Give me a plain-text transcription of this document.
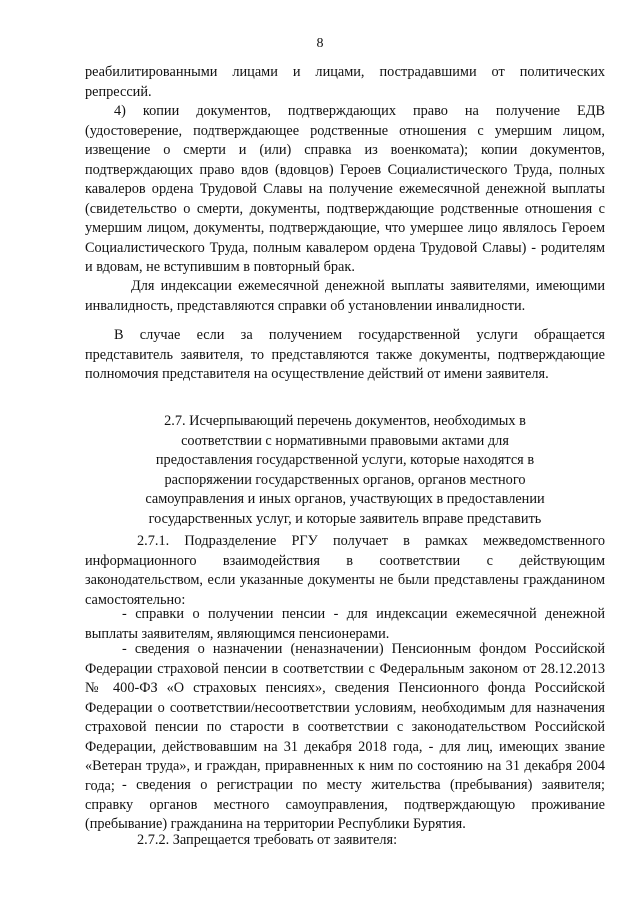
8

реабилитированными лицами и лицами, пострадавшими от политических репрессий.

4) копии документов, подтверждающих право на получение ЕДВ (удостоверение, подтверждающее родственные отношения с умершим лицом, извещение о смерти и (или) справка из военкомата); копии документов, подтверждающих право вдов (вдовцов) Героев Социалистического Труда, полных кавалеров ордена Трудовой Славы на получение ежемесячной денежной выплаты (свидетельство о смерти, документы, подтверждающие родственные отношения с умершим лицом, документы, подтверждающие, что умершее лицо являлось Героем Социалистического Труда, полным кавалером ордена Трудовой Славы) - родителям и вдовам, не вступившим в повторный брак.

Для индексации ежемесячной денежной выплаты заявителями, имеющими инвалидность, представляются справки об установлении инвалидности.

В случае если за получением государственной услуги обращается представитель заявителя, то представляются также документы, подтверждающие полномочия представителя на осуществление действий от имени заявителя.

2.7. Исчерпывающий перечень документов, необходимых в соответствии с нормативными правовыми актами для предоставления государственной услуги, которые находятся в распоряжении государственных органов, органов местного самоуправления и иных органов, участвующих в предоставлении государственных услуг, и которые заявитель вправе представить

2.7.1. Подразделение РГУ получает в рамках межведомственного информационного взаимодействия в соответствии с действующим законодательством, если указанные документы не были представлены гражданином самостоятельно:

- справки о получении пенсии - для индексации ежемесячной денежной выплаты заявителям, являющимся пенсионерами.

- сведения о назначении (неназначении) Пенсионным фондом Российской Федерации страховой пенсии в соответствии с Федеральным законом от 28.12.2013 № 400-ФЗ «О страховых пенсиях», сведения Пенсионного фонда Российской Федерации о соответствии/несоответствии условиям, необходимым для назначения страховой пенсии по старости в соответствии с законодательством Российской Федерации, действовавшим на 31 декабря 2018 года, - для лиц, имеющих звание «Ветеран труда», и граждан, приравненных к ним по состоянию на 31 декабря 2004 года; - сведения о регистрации по месту жительства (пребывания) заявителя; справку органов местного самоуправления, подтверждающую проживание (пребывание) гражданина на территории Республики Бурятия.

2.7.2. Запрещается требовать от заявителя:
